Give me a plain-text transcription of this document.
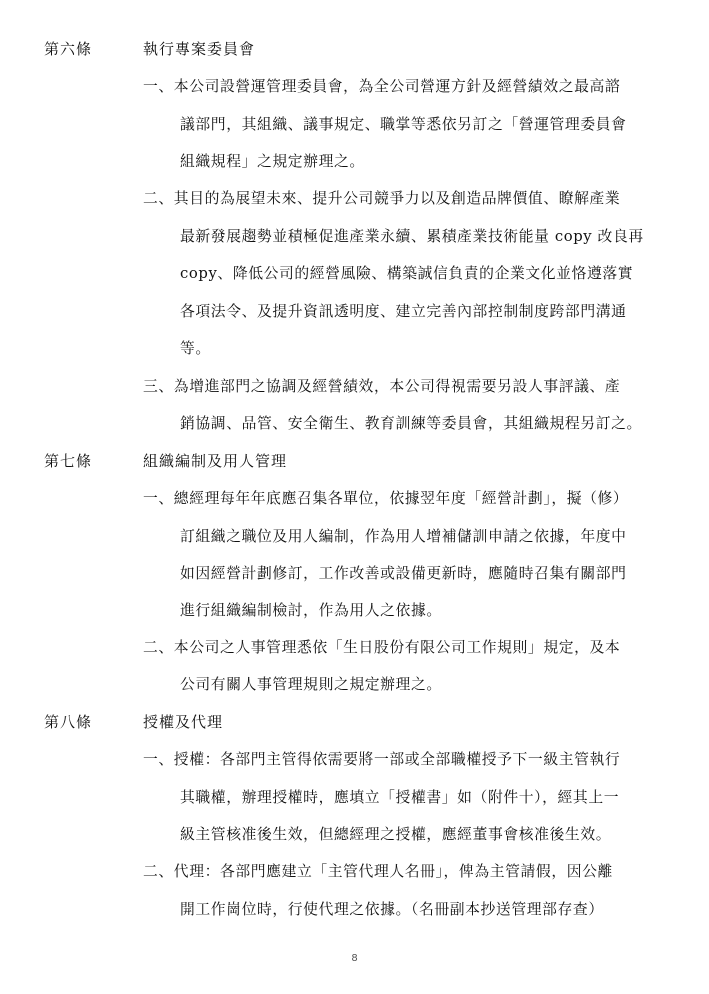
第六條	執行專案委員會
一、本公司設營運管理委員會，為全公司營運方針及經營績效之最高諮
議部門，其組織、議事規定、職掌等悉依另訂之「營運管理委員會
組織規程」之規定辦理之。
二、其目的為展望未來、提升公司競爭力以及創造品牌價值、瞭解產業
最新發展趨勢並積極促進產業永續、累積產業技術能量 copy 改良再
copy、降低公司的經營風險、構築誠信負責的企業文化並恪遵落實
各項法令、及提升資訊透明度、建立完善內部控制制度跨部門溝通
等。
三、為增進部門之協調及經營績效，本公司得視需要另設人事評議、產
銷協調、品管、安全衛生、教育訓練等委員會，其組織規程另訂之。
第七條	組織編制及用人管理
一、總經理每年年底應召集各單位，依據翌年度「經營計劃」，擬（修）
訂組織之職位及用人編制，作為用人增補儲訓申請之依據，年度中
如因經營計劃修訂，工作改善或設備更新時，應隨時召集有關部門
進行組織編制檢討，作為用人之依據。
二、本公司之人事管理悉依「生日股份有限公司工作規則」規定，及本
公司有關人事管理規則之規定辦理之。
第八條	授權及代理
一、授權：各部門主管得依需要將一部或全部職權授予下一級主管執行
其職權，辦理授權時，應填立「授權書」如（附件十），經其上一
級主管核准後生效，但總經理之授權，應經董事會核准後生效。
二、代理：各部門應建立「主管代理人名冊」，俾為主管請假，因公離
開工作崗位時，行使代理之依據。（名冊副本抄送管理部存查）
8
